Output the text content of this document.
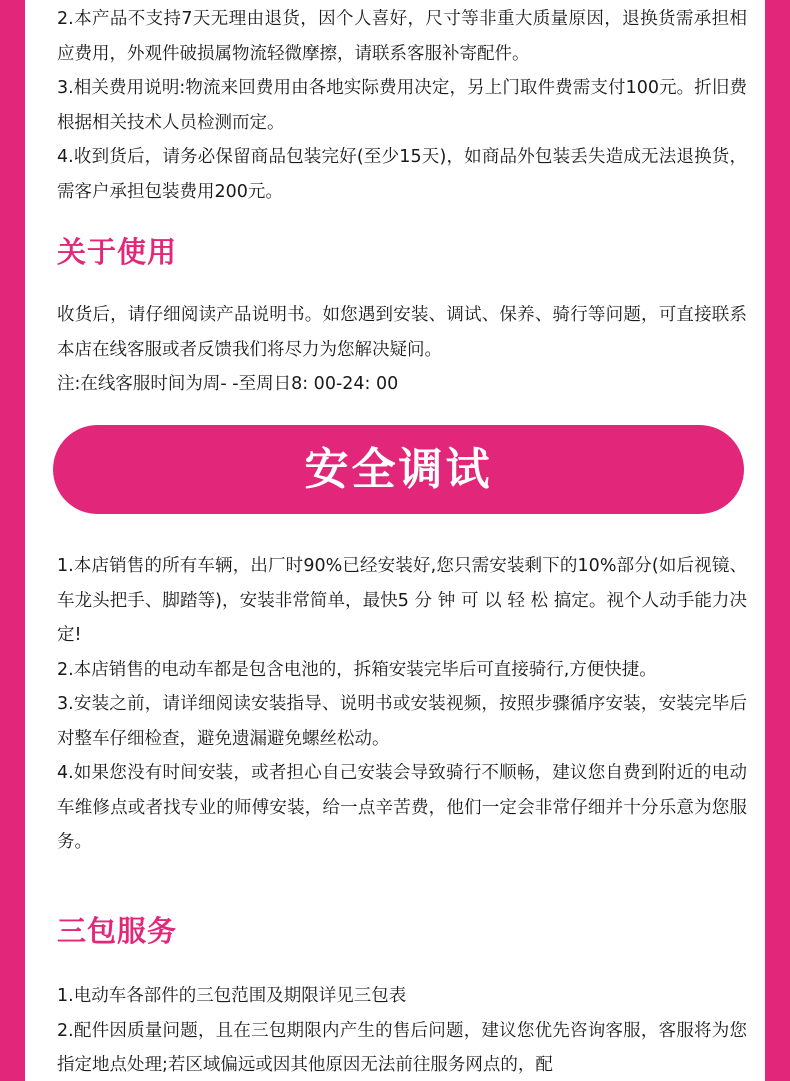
2.本产品不支持7天无理由退货，因个人喜好，尺寸等非重大质量原因，退换货需承担相应费用，外观件破损属物流轻微摩擦，请联系客服补寄配件。

3.相关费用说明:物流来回费用由各地实际费用决定，另上门取件费需支付100元。折旧费根据相关技术人员检测而定。

4.收到货后，请务必保留商品包装完好(至少15天)，如商品外包装丢失造成无法退换货，需客户承担包装费用200元。

关于使用

收货后，请仔细阅读产品说明书。如您遇到安装、调试、保养、骑行等问题，可直接联系本店在线客服或者反馈我们将尽力为您解决疑问。

注:在线客服时间为周- -至周日8: 00-24: 00

安全调试

1.本店销售的所有车辆，出厂时90%已经安装好,您只需安装剩下的10%部分(如后视镜、车龙头把手、脚踏等)，安装非常简单，最快5 分 钟 可 以 轻 松 搞定。视个人动手能力决定!

2.本店销售的电动车都是包含电池的，拆箱安装完毕后可直接骑行,方便快捷。

3.安装之前，请详细阅读安装指导、说明书或安装视频，按照步骤循序安装，安装完毕后对整车仔细检查，避免遗漏避免螺丝松动。

4.如果您没有时间安装，或者担心自己安装会导致骑行不顺畅，建议您自费到附近的电动车维修点或者找专业的师傅安装，给一点辛苦费，他们一定会非常仔细并十分乐意为您服务。

三包服务

1.电动车各部件的三包范围及期限详见三包表

2.配件因质量问题，且在三包期限内产生的售后问题，建议您优先咨询客服，客服将为您指定地点处理;若区域偏远或因其他原因无法前往服务网点的，配
